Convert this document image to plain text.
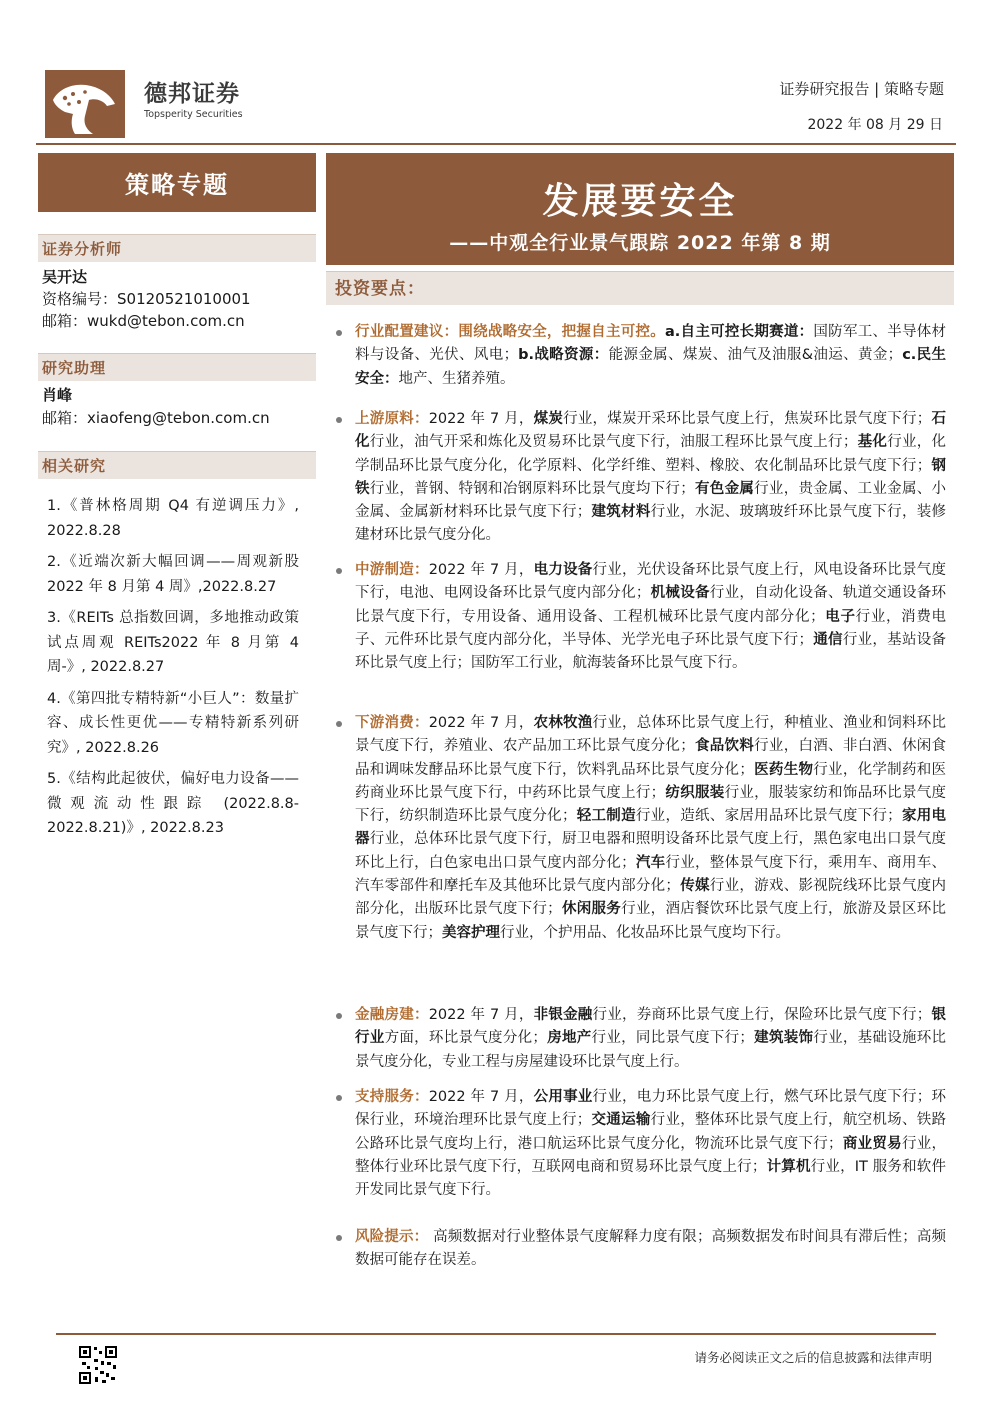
德邦证券
Topsperity Securities
证券研究报告 | 策略专题
2022 年 08 月 29 日
策略专题
证券分析师
吴开达
资格编号：S0120521010001
邮箱：wukd@tebon.com.cn
研究助理
肖峰
邮箱：xiaofeng@tebon.com.cn
相关研究
1.《普林格周期 Q4 有逆调压力》, 2022.8.28
2.《近端次新大幅回调——周观新股 2022 年 8 月第 4 周》,2022.8.27
3.《REITs 总指数回调，多地推动政策试点周观 REITs2022 年 8 月第 4 周-》, 2022.8.27
4.《第四批专精特新“小巨人”：数量扩容、成长性更优——专精特新系列研究》, 2022.8.26
5.《结构此起彼伏，偏好电力设备——微观流动性跟踪 (2022.8.8-2022.8.21)》, 2022.8.23
发展要安全
——中观全行业景气跟踪 2022 年第 8 期
投资要点：
行业配置建议：围绕战略安全，把握自主可控。a.自主可控长期赛道：国防军工、半导体材料与设备、光伏、风电；b.战略资源：能源金属、煤炭、油气及油服&油运、黄金；c.民生安全：地产、生猪养殖。
上游原料：2022 年 7 月，煤炭行业，煤炭开采环比景气度上行，焦炭环比景气度下行；石化行业，油气开采和炼化及贸易环比景气度下行，油服工程环比景气度上行；基化行业，化学制品环比景气度分化，化学原料、化学纤维、塑料、橡胶、农化制品环比景气度下行；钢铁行业，普钢、特钢和冶钢原料环比景气度均下行；有色金属行业，贵金属、工业金属、小金属、金属新材料环比景气度下行；建筑材料行业，水泥、玻璃玻纤环比景气度下行，装修建材环比景气度分化。
中游制造：2022 年 7 月，电力设备行业，光伏设备环比景气度上行，风电设备环比景气度下行，电池、电网设备环比景气度内部分化；机械设备行业，自动化设备、轨道交通设备环比景气度下行，专用设备、通用设备、工程机械环比景气度内部分化；电子行业，消费电子、元件环比景气度内部分化，半导体、光学光电子环比景气度下行；通信行业，基站设备环比景气度上行；国防军工行业，航海装备环比景气度下行。
下游消费：2022 年 7 月，农林牧渔行业，总体环比景气度上行，种植业、渔业和饲料环比景气度下行，养殖业、农产品加工环比景气度分化；食品饮料行业，白酒、非白酒、休闲食品和调味发酵品环比景气度下行，饮料乳品环比景气度分化；医药生物行业，化学制药和医药商业环比景气度下行，中药环比景气度上行；纺织服装行业，服装家纺和饰品环比景气度下行，纺织制造环比景气度分化；轻工制造行业，造纸、家居用品环比景气度下行；家用电器行业，总体环比景气度下行，厨卫电器和照明设备环比景气度上行，黑色家电出口景气度环比上行，白色家电出口景气度内部分化；汽车行业，整体景气度下行，乘用车、商用车、汽车零部件和摩托车及其他环比景气度内部分化；传媒行业，游戏、影视院线环比景气度内部分化，出版环比景气度下行；休闲服务行业，酒店餐饮环比景气度上行，旅游及景区环比景气度下行；美容护理行业，个护用品、化妆品环比景气度均下行。
金融房建：2022 年 7 月，非银金融行业，券商环比景气度上行，保险环比景气度下行；银行业方面，环比景气度分化；房地产行业，同比景气度下行；建筑装饰行业，基础设施环比景气度分化，专业工程与房屋建设环比景气度上行。
支持服务：2022 年 7 月，公用事业行业，电力环比景气度上行，燃气环比景气度下行；环保行业，环境治理环比景气度上行；交通运输行业，整体环比景气度上行，航空机场、铁路公路环比景气度均上行，港口航运环比景气度分化，物流环比景气度下行；商业贸易行业，整体行业环比景气度下行，互联网电商和贸易环比景气度上行；计算机行业，IT 服务和软件开发同比景气度下行。
风险提示： 高频数据对行业整体景气度解释力度有限；高频数据发布时间具有滞后性；高频数据可能存在误差。
请务必阅读正文之后的信息披露和法律声明
